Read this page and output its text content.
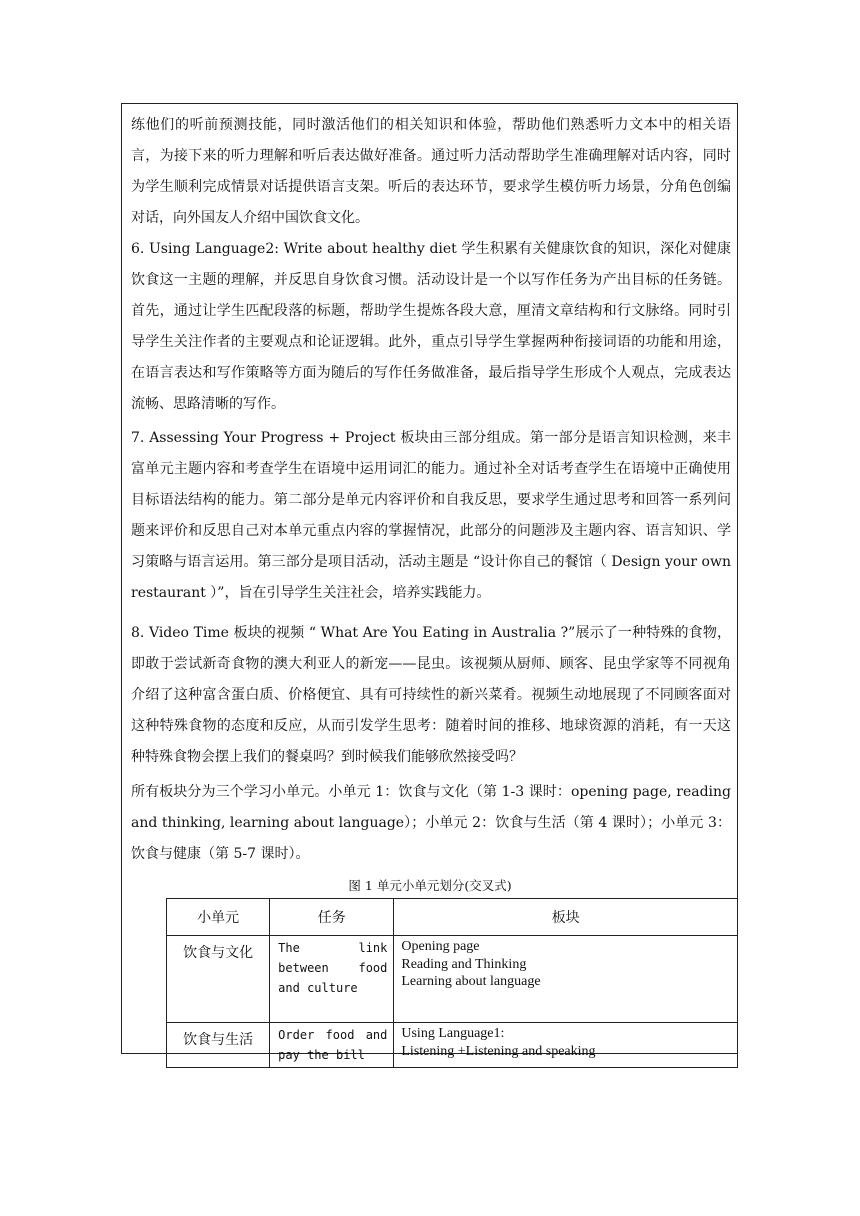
练他们的听前预测技能，同时激活他们的相关知识和体验，帮助他们熟悉听力文本中的相关语言，为接下来的听力理解和听后表达做好准备。通过听力活动帮助学生准确理解对话内容，同时为学生顺利完成情景对话提供语言支架。听后的表达环节，要求学生模仿听力场景，分角色创编对话，向外国友人介绍中国饮食文化。

6. Using Language2: Write about healthy diet 学生积累有关健康饮食的知识，深化对健康饮食这一主题的理解，并反思自身饮食习惯。活动设计是一个以写作任务为产出目标的任务链。首先，通过让学生匹配段落的标题，帮助学生提炼各段大意，厘清文章结构和行文脉络。同时引导学生关注作者的主要观点和论证逻辑。此外，重点引导学生掌握两种衔接词语的功能和用途，在语言表达和写作策略等方面为随后的写作任务做准备，最后指导学生形成个人观点，完成表达流畅、思路清晰的写作。

7. Assessing Your Progress + Project 板块由三部分组成。第一部分是语言知识检测，来丰富单元主题内容和考查学生在语境中运用词汇的能力。通过补全对话考查学生在语境中正确使用目标语法结构的能力。第二部分是单元内容评价和自我反思，要求学生通过思考和回答一系列问题来评价和反思自己对本单元重点内容的掌握情况，此部分的问题涉及主题内容、语言知识、学习策略与语言运用。第三部分是项目活动，活动主题是 “设计你自己的餐馆（ Design your own restaurant ）”，旨在引导学生关注社会，培养实践能力。

8. Video Time 板块的视频 “ What Are You Eating in Australia ?”展示了一种特殊的食物，即敢于尝试新奇食物的澳大利亚人的新宠——昆虫。该视频从厨师、顾客、昆虫学家等不同视角介绍了这种富含蛋白质、价格便宜、具有可持续性的新兴菜肴。视频生动地展现了不同顾客面对这种特殊食物的态度和反应，从而引发学生思考：随着时间的推移、地球资源的消耗，有一天这种特殊食物会摆上我们的餐桌吗？到时候我们能够欣然接受吗？

所有板块分为三个学习小单元。小单元 1：饮食与文化（第 1-3 课时：opening page, reading and thinking, learning about language）；小单元 2：饮食与生活（第 4 课时）；小单元 3：饮食与健康（第 5-7 课时）。

图 1 单元小单元划分(交叉式)
小单元	任务	板块
饮食与文化	The link between food and culture	Opening page
Reading and Thinking
Learning about language

饮食与生活	Order food and pay the bill	Using Language1:
Listening +Listening and speaking
